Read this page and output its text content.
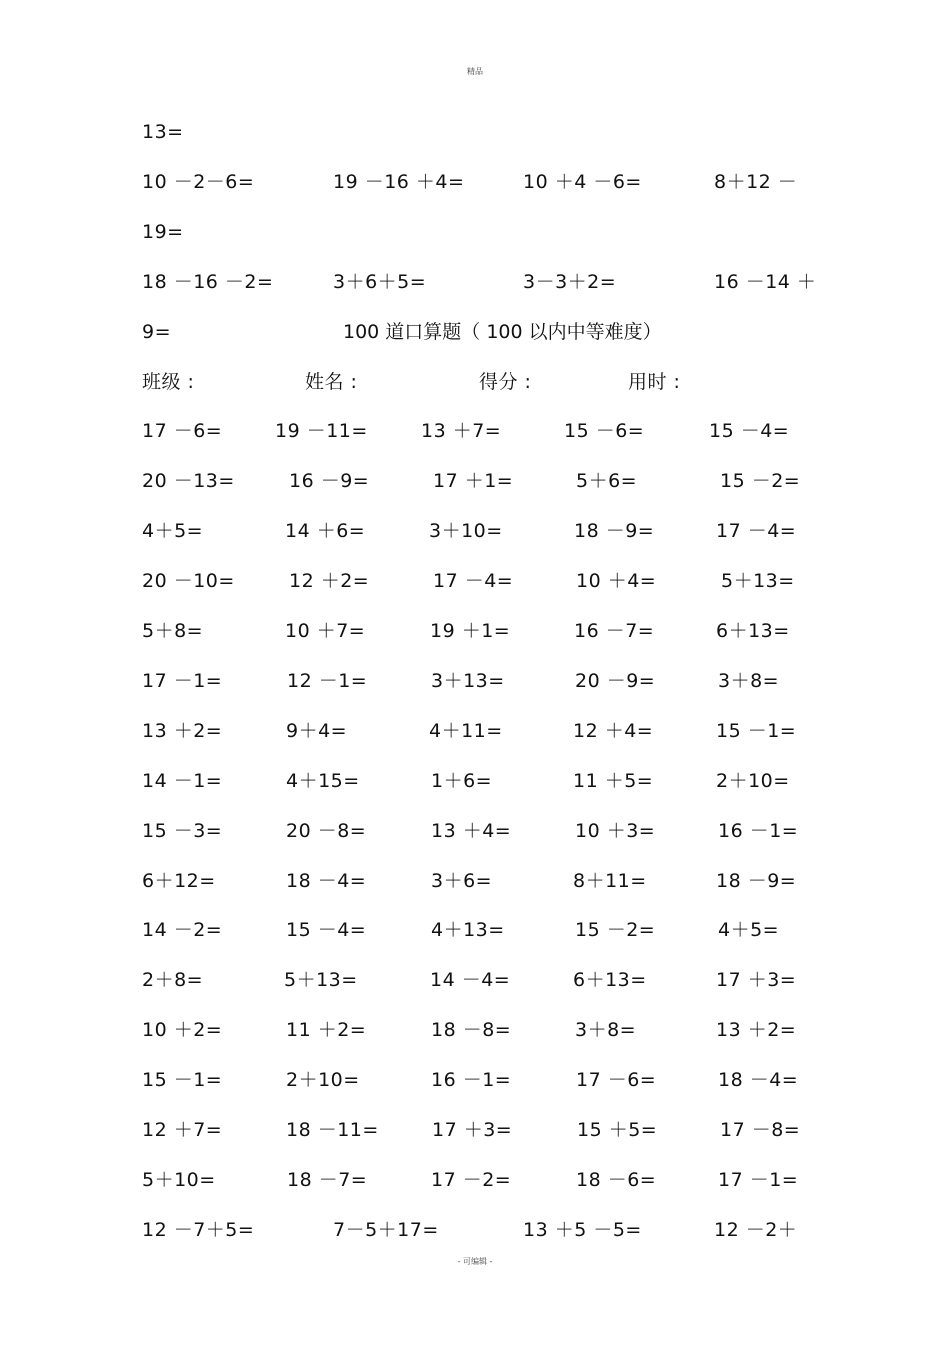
精品
13=
10 －2－6=	19 －16 ＋4=	10 ＋4 －6=	8＋12 －
19=
18 －16 －2=	3＋6＋5=	3－3＋2=	16 －14 ＋
9=	100 道口算题（ 100 以内中等难度）
班级 :	姓名 :	得分 :	用时 :
17 －6=	19 －11=	13 ＋7=	15 －6=	15 －4=
20 －13=	16 －9=	17 ＋1=	5＋6=	15 －2=
4＋5=	14 ＋6=	3＋10=	18 －9=	17 －4=
20 －10=	12 ＋2=	17 －4=	10 ＋4=	5＋13=
5＋8=	10 ＋7=	19 ＋1=	16 －7=	6＋13=
17 －1=	12 －1=	3＋13=	20 －9=	3＋8=
13 ＋2=	9＋4=	4＋11=	12 ＋4=	15 －1=
14 －1=	4＋15=	1＋6=	11 ＋5=	2＋10=
15 －3=	20 －8=	13 ＋4=	10 ＋3=	16 －1=
6＋12=	18 －4=	3＋6=	8＋11=	18 －9=
14 －2=	15 －4=	4＋13=	15 －2=	4＋5=
2＋8=	5＋13=	14 －4=	6＋13=	17 ＋3=
10 ＋2=	11 ＋2=	18 －8=	3＋8=	13 ＋2=
15 －1=	2＋10=	16 －1=	17 －6=	18 －4=
12 ＋7=	18 －11=	17 ＋3=	15 ＋5=	17 －8=
5＋10=	18 －7=	17 －2=	18 －6=	17 －1=
12 －7＋5=	7－5＋17=	13 ＋5 －5=	12 －2＋
- 可编辑 -
